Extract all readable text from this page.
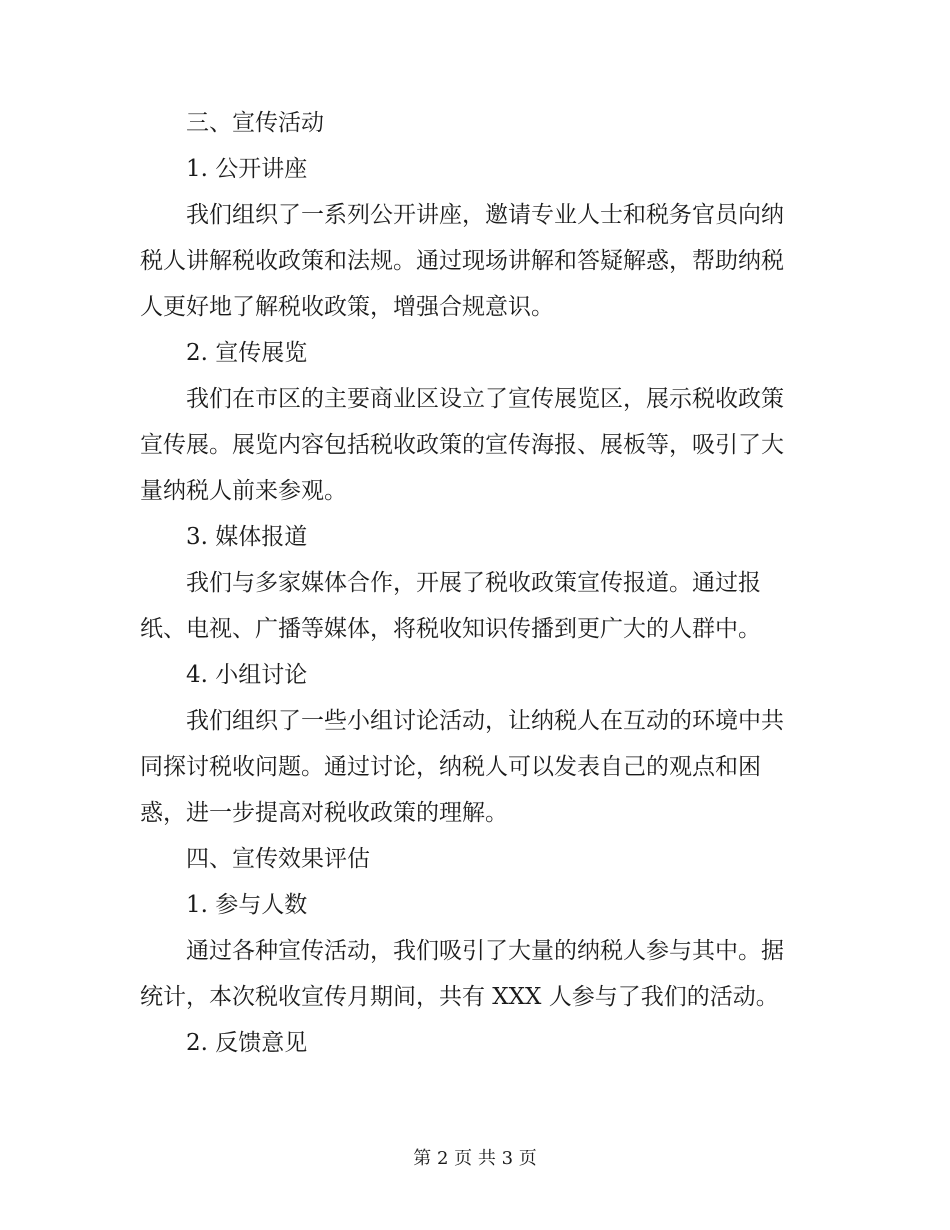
三、宣传活动
1. 公开讲座
我们组织了一系列公开讲座，邀请专业人士和税务官员向纳
税人讲解税收政策和法规。通过现场讲解和答疑解惑，帮助纳税
人更好地了解税收政策，增强合规意识。
2. 宣传展览
我们在市区的主要商业区设立了宣传展览区，展示税收政策
宣传展。展览内容包括税收政策的宣传海报、展板等，吸引了大
量纳税人前来参观。
3. 媒体报道
我们与多家媒体合作，开展了税收政策宣传报道。通过报
纸、电视、广播等媒体，将税收知识传播到更广大的人群中。
4. 小组讨论
我们组织了一些小组讨论活动，让纳税人在互动的环境中共
同探讨税收问题。通过讨论，纳税人可以发表自己的观点和困
惑，进一步提高对税收政策的理解。
四、宣传效果评估
1. 参与人数
通过各种宣传活动，我们吸引了大量的纳税人参与其中。据
统计，本次税收宣传月期间，共有 XXX 人参与了我们的活动。
2. 反馈意见
第 2 页 共 3 页
